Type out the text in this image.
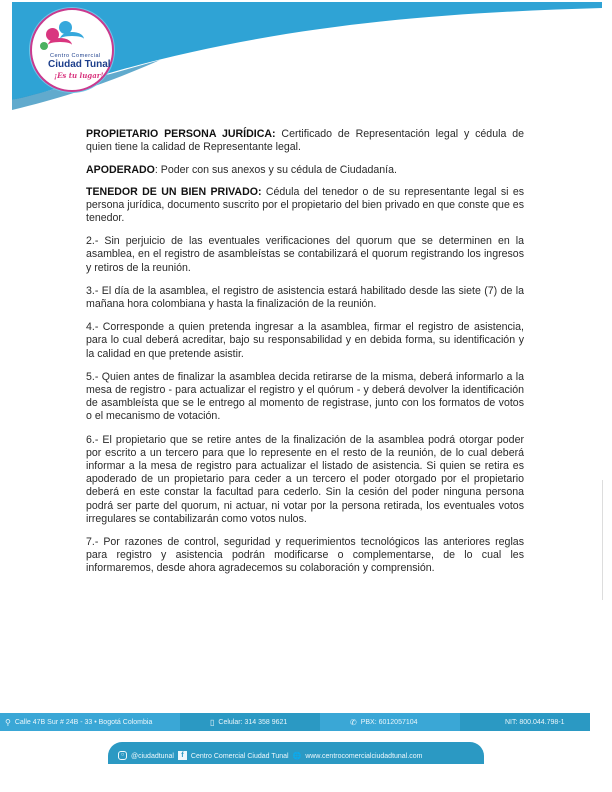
Centro Comercial
Ciudad Tunal
¡Es tu lugar!

PROPIETARIO PERSONA JURÍDICA: Certificado de Representación legal y cédula de quien tiene la calidad de Representante legal.

APODERADO: Poder con sus anexos y su cédula de Ciudadanía.

TENEDOR DE UN BIEN PRIVADO: Cédula del tenedor o de su representante legal si es persona jurídica, documento suscrito por el propietario del bien privado en que conste que es tenedor.

2.- Sin perjuicio de las eventuales verificaciones del quorum que se determinen en la asamblea, en el registro de asambleístas se contabilizará el quorum registrando los ingresos y retiros de la reunión.

3.- El día de la asamblea, el registro de asistencia estará habilitado desde las siete (7) de la mañana hora colombiana y hasta la finalización de la reunión.

4.- Corresponde a quien pretenda ingresar a la asamblea, firmar el registro de asistencia, para lo cual deberá acreditar, bajo su responsabilidad y en debida forma, su identificación y la calidad en que pretende asistir.

5.- Quien antes de finalizar la asamblea decida retirarse de la misma, deberá informarlo a la mesa de registro - para actualizar el registro y el quórum - y deberá devolver la identificación de asambleísta que se le entrego al momento de registrase, junto con los formatos de votos o el mecanismo de votación.

6.- El propietario que se retire antes de la finalización de la asamblea podrá otorgar poder por escrito a un tercero para que lo represente en el resto de la reunión, de lo cual deberá informar a la mesa de registro para actualizar el listado de asistencia. Si quien se retira es apoderado de un propietario para ceder a un tercero el poder otorgado por el propietario deberá en este constar la facultad para cederlo. Sin la cesión del poder ninguna persona podrá ser parte del quorum, ni actuar, ni votar por la persona retirada, los eventuales votos irregulares se contabilizarán como votos nulos.

7.- Por razones de control, seguridad y requerimientos tecnológicos las anteriores reglas para registro y asistencia podrán modificarse o complementarse, de lo cual les informaremos, desde ahora agradecemos su colaboración y comprensión.

⚲ Calle 47B Sur # 24B - 33 • Bogotá Colombia	▯ Celular: 314 358 9621	✆ PBX: 6012057104	NIT: 800.044.798-1
○ @ciudadtunal	f	Centro Comercial Ciudad Tunal 🌐 www.centrocomercialciudadtunal.com
